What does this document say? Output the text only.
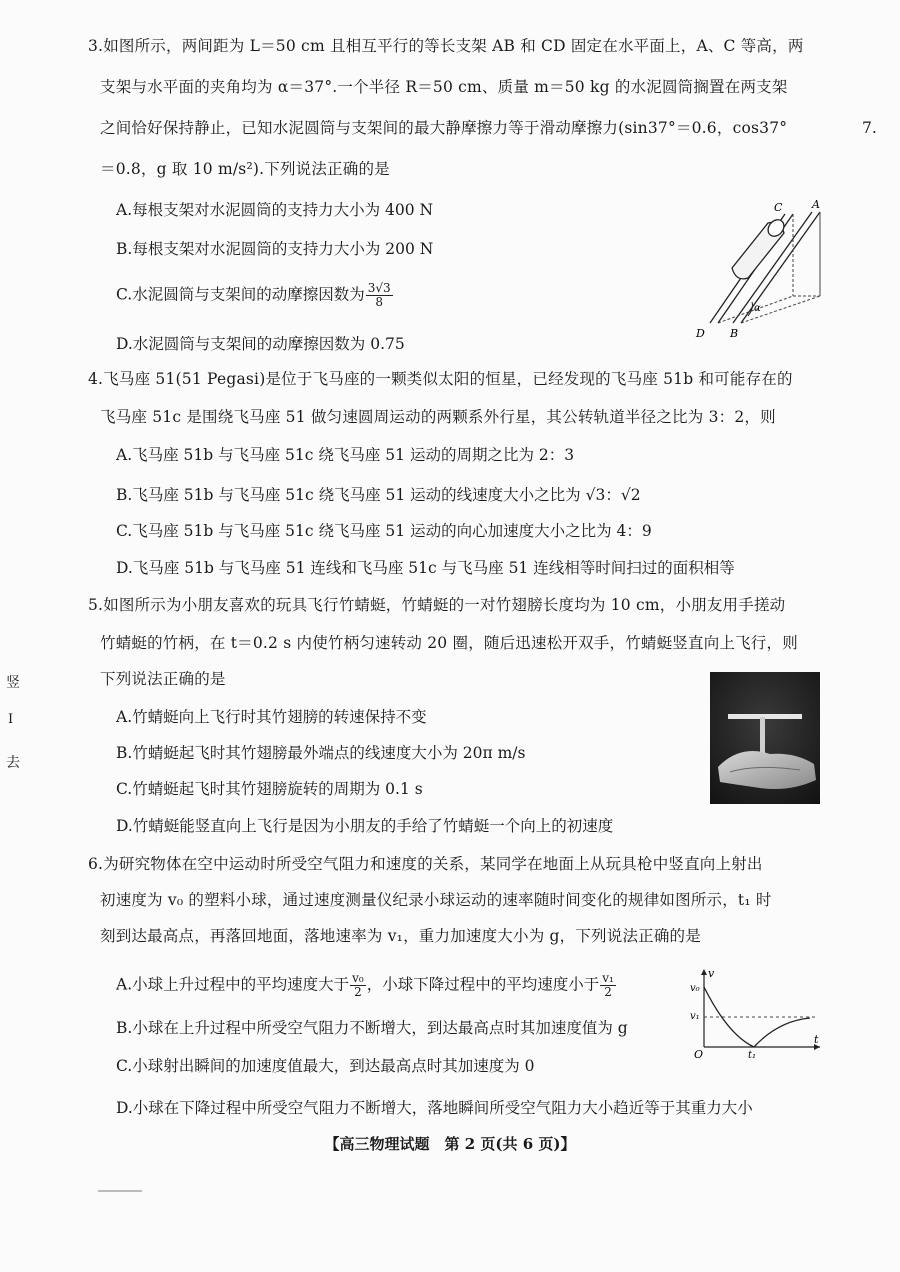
3.如图所示，两间距为 L＝50 cm 且相互平行的等长支架 AB 和 CD 固定在水平面上，A、C 等高，两
支架与水平面的夹角均为 α＝37°.一个半径 R＝50 cm、质量 m＝50 kg 的水泥圆筒搁置在两支架
之间恰好保持静止，已知水泥圆筒与支架间的最大静摩擦力等于滑动摩擦力(sin37°＝0.6，cos37°
＝0.8，g 取 10 m/s²).下列说法正确的是
7.
A.每根支架对水泥圆筒的支持力大小为 400 N
B.每根支架对水泥圆筒的支持力大小为 200 N
C.水泥圆筒与支架间的动摩擦因数为 $\frac{3√3}{8}$
D.水泥圆筒与支架间的动摩擦因数为 0.75
C	A
D B
α
4.飞马座 51(51 Pegasi)是位于飞马座的一颗类似太阳的恒星，已经发现的飞马座 51b 和可能存在的
飞马座 51c 是围绕飞马座 51 做匀速圆周运动的两颗系外行星，其公转轨道半径之比为 3：2，则
A.飞马座 51b 与飞马座 51c 绕飞马座 51 运动的周期之比为 2：3
B.飞马座 51b 与飞马座 51c 绕飞马座 51 运动的线速度大小之比为 √3：√2
C.飞马座 51b 与飞马座 51c 绕飞马座 51 运动的向心加速度大小之比为 4：9
D.飞马座 51b 与飞马座 51 连线和飞马座 51c 与飞马座 51 连线相等时间扫过的面积相等
5.如图所示为小朋友喜欢的玩具飞行竹蜻蜓，竹蜻蜓的一对竹翅膀长度均为 10 cm，小朋友用手搓动
竹蜻蜓的竹柄，在 t＝0.2 s 内使竹柄匀速转动 20 圈，随后迅速松开双手，竹蜻蜓竖直向上飞行，则
下列说法正确的是
A.竹蜻蜓向上飞行时其竹翅膀的转速保持不变
B.竹蜻蜓起飞时其竹翅膀最外端点的线速度大小为 20π m/s
C.竹蜻蜓起飞时其竹翅膀旋转的周期为 0.1 s
D.竹蜻蜓能竖直向上飞行是因为小朋友的手给了竹蜻蜓一个向上的初速度
6.为研究物体在空中运动时所受空气阻力和速度的关系，某同学在地面上从玩具枪中竖直向上射出
初速度为 v₀ 的塑料小球，通过速度测量仪纪录小球运动的速率随时间变化的规律如图所示，t₁ 时
刻到达最高点，再落回地面，落地速率为 v₁，重力加速度大小为 g，下列说法正确的是
A.小球上升过程中的平均速度大于 $\frac{\text{v₀}}{2}$ ，小球下降过程中的平均速度小于 $\frac{\text{v₁}}{2}$
B.小球在上升过程中所受空气阻力不断增大，到达最高点时其加速度值为 g
C.小球射出瞬间的加速度值最大，到达最高点时其加速度为 0
D.小球在下降过程中所受空气阻力不断增大，落地瞬间所受空气阻力大小趋近等于其重力大小
v
v₀
v₁
O	t₁
t
竖
I
去
【高三物理试题　第 2 页(共 6 页)】
